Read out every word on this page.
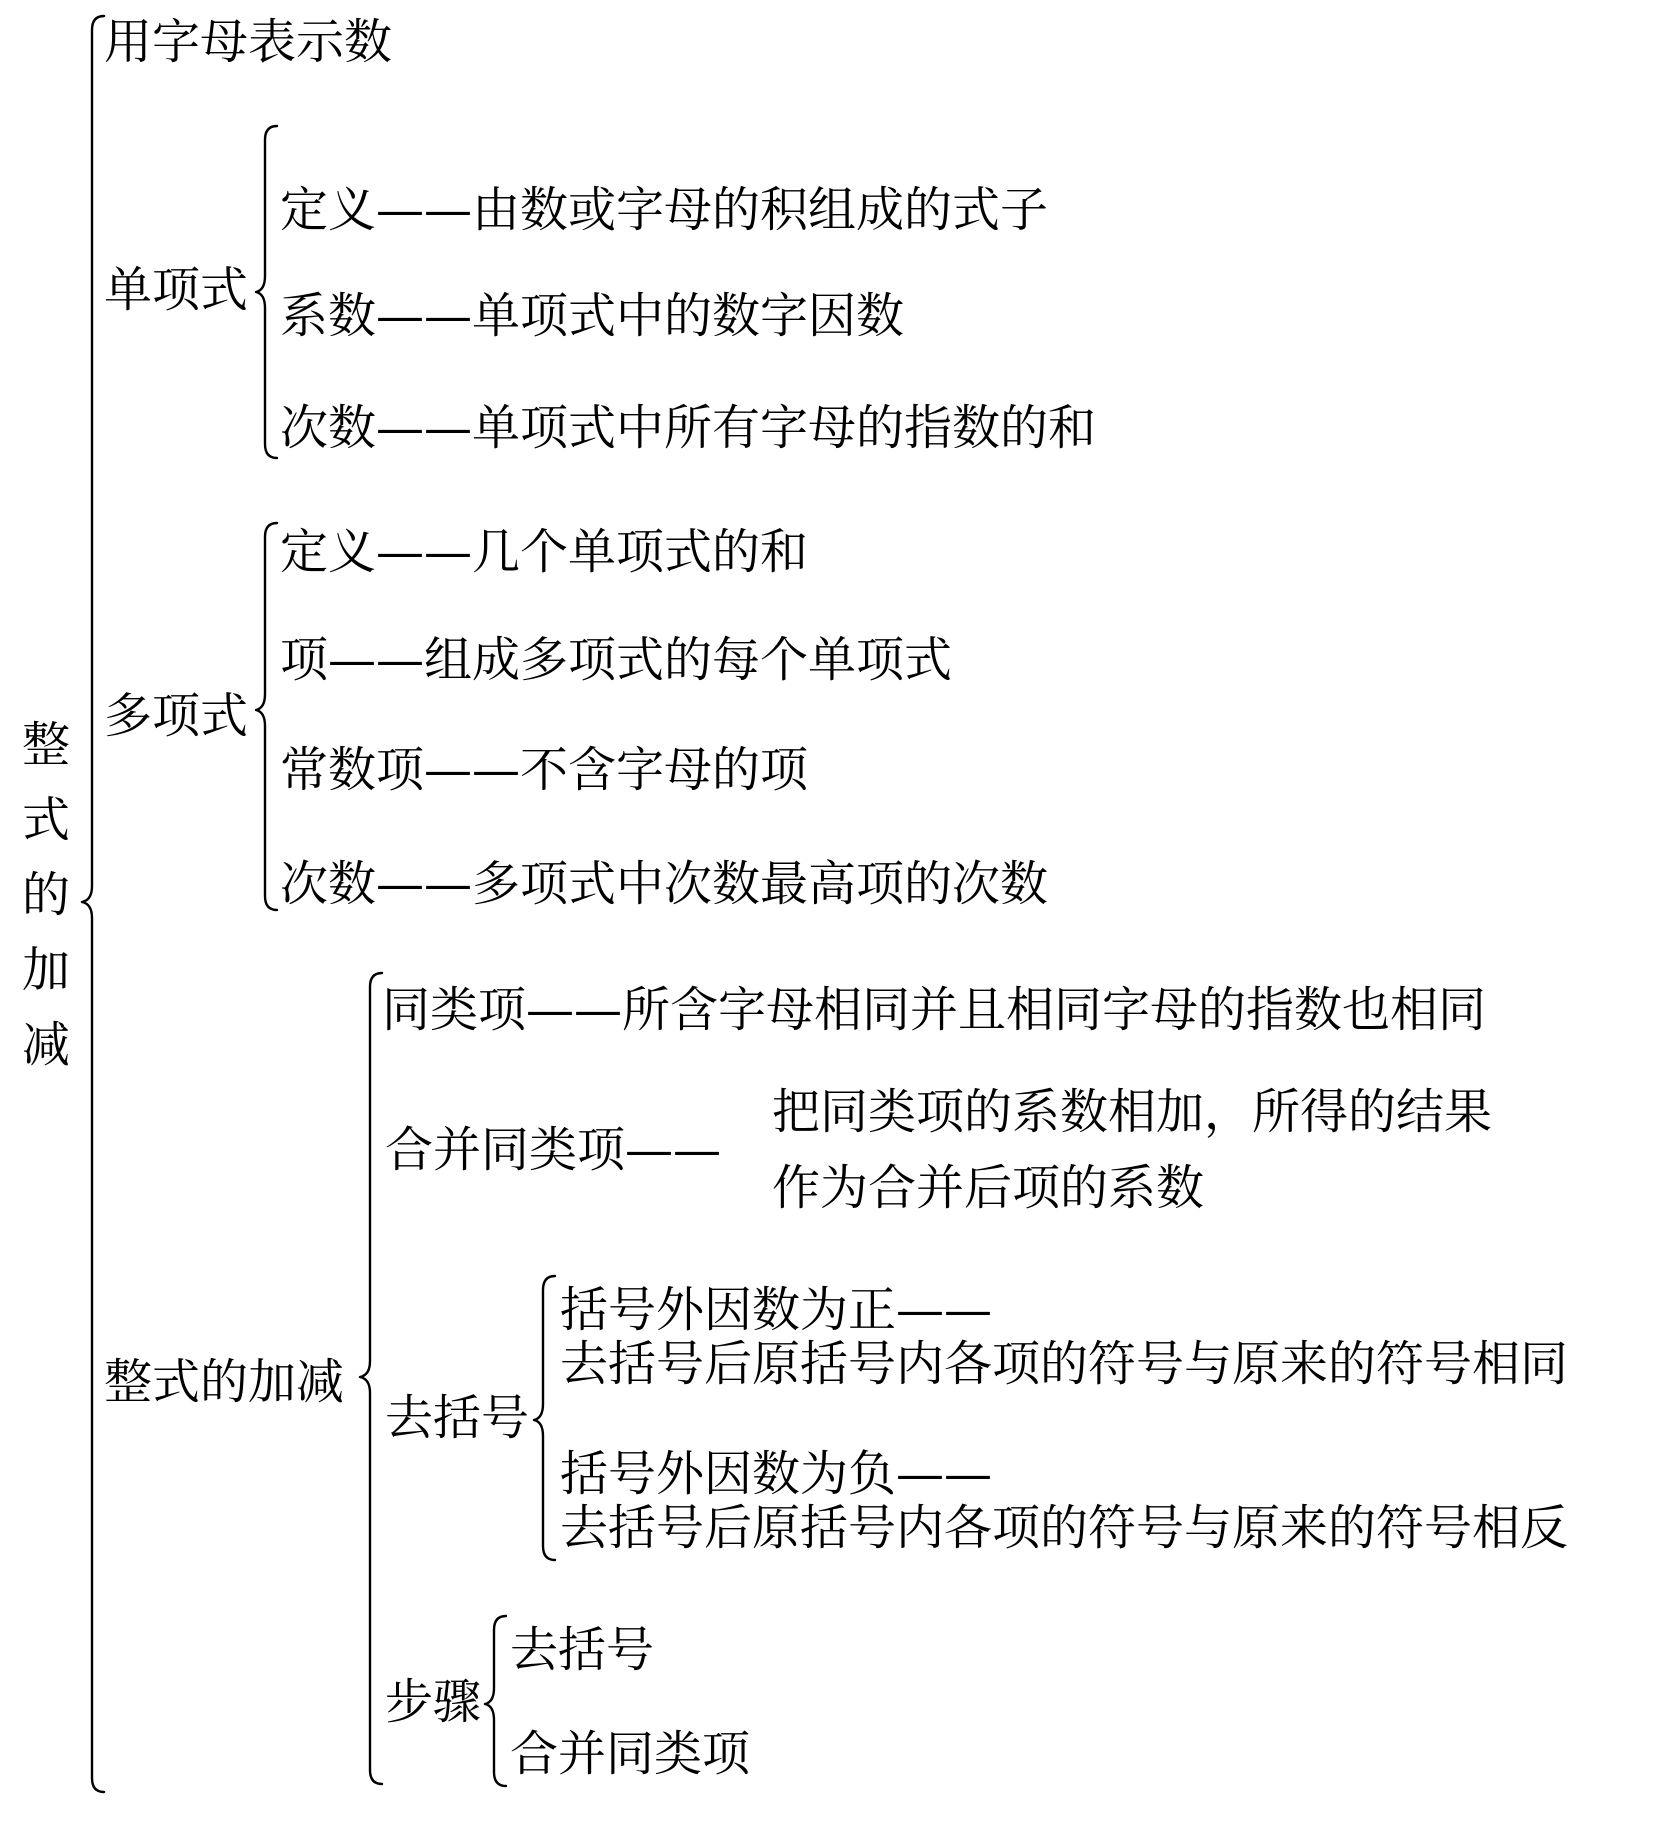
整
式
的
加
减
用字母表示数
单项式
定义——由数或字母的积组成的式子
系数——单项式中的数字因数
次数——单项式中所有字母的指数的和
多项式
定义——几个单项式的和
项——组成多项式的每个单项式
常数项——不含字母的项
次数——多项式中次数最高项的次数
整式的加减
同类项——所含字母相同并且相同字母的指数也相同
合并同类项——
把同类项的系数相加，所得的结果
作为合并后项的系数
去括号
括号外因数为正——
去括号后原括号内各项的符号与原来的符号相同
括号外因数为负——
去括号后原括号内各项的符号与原来的符号相反
步骤
去括号
合并同类项
